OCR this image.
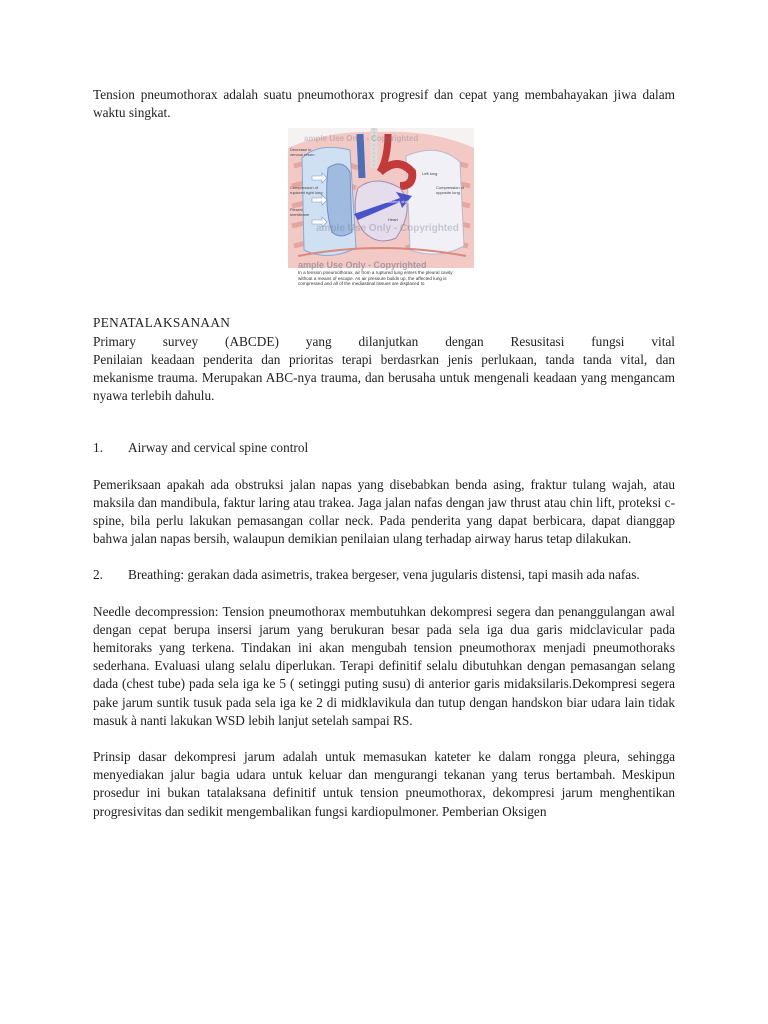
Tension pneumothorax adalah suatu pneumothorax progresif dan cepat yang membahayakan jiwa dalam waktu singkat.

Decrease in venous return
Compression of ruptured right lung
Pleural membrane
Left lung
Compression of opposite lung
Mediastinal shift
Heart
ample Use Only - Copyrighted
ample Use Only - Copyrighted
ample Use Only - Copyrighted
In a tension pneumothorax, air from a ruptured lung enters the pleural cavity without a means of escape. As air pressure builds up, the affected lung is compressed and all of the mediastinal tissues are displaced to

PENATALAKSANAAN

Primary survey (ABCDE) yang dilanjutkan dengan Resusitasi fungsi vital

Penilaian keadaan penderita dan prioritas terapi berdasrkan jenis perlukaan, tanda tanda vital, dan mekanisme trauma. Merupakan ABC-nya trauma, dan berusaha untuk mengenali keadaan yang mengancam nyawa terlebih dahulu.

1.	Airway and cervical spine control

Pemeriksaan apakah ada obstruksi jalan napas yang disebabkan benda asing, fraktur tulang wajah, atau maksila dan mandibula, faktur laring atau trakea. Jaga jalan nafas dengan jaw thrust atau chin lift, proteksi c-spine, bila perlu lakukan pemasangan collar neck. Pada penderita yang dapat berbicara, dapat dianggap bahwa jalan napas bersih, walaupun demikian penilaian ulang terhadap airway harus tetap dilakukan.

2. Breathing: gerakan dada asimetris, trakea bergeser, vena jugularis distensi, tapi masih ada nafas.

Needle decompression: Tension pneumothorax membutuhkan dekompresi segera dan penanggulangan awal dengan cepat berupa insersi jarum yang berukuran besar pada sela iga dua garis midclavicular pada hemitoraks yang terkena. Tindakan ini akan mengubah tension pneumothorax menjadi pneumothoraks sederhana. Evaluasi ulang selalu diperlukan. Terapi definitif selalu dibutuhkan dengan pemasangan selang dada (chest tube) pada sela iga ke 5 ( setinggi puting susu) di anterior garis midaksilaris.Dekompresi segera pake jarum suntik tusuk pada sela iga ke 2 di midklavikula dan tutup dengan handskon biar udara lain tidak masuk à nanti lakukan WSD lebih lanjut setelah sampai RS.

Prinsip dasar dekompresi jarum adalah untuk memasukan kateter ke dalam rongga pleura, sehingga menyediakan jalur bagia udara untuk keluar dan mengurangi tekanan yang terus bertambah. Meskipun prosedur ini bukan tatalaksana definitif untuk tension pneumothorax, dekompresi jarum menghentikan progresivitas dan sedikit mengembalikan fungsi kardiopulmoner. Pemberian Oksigen
